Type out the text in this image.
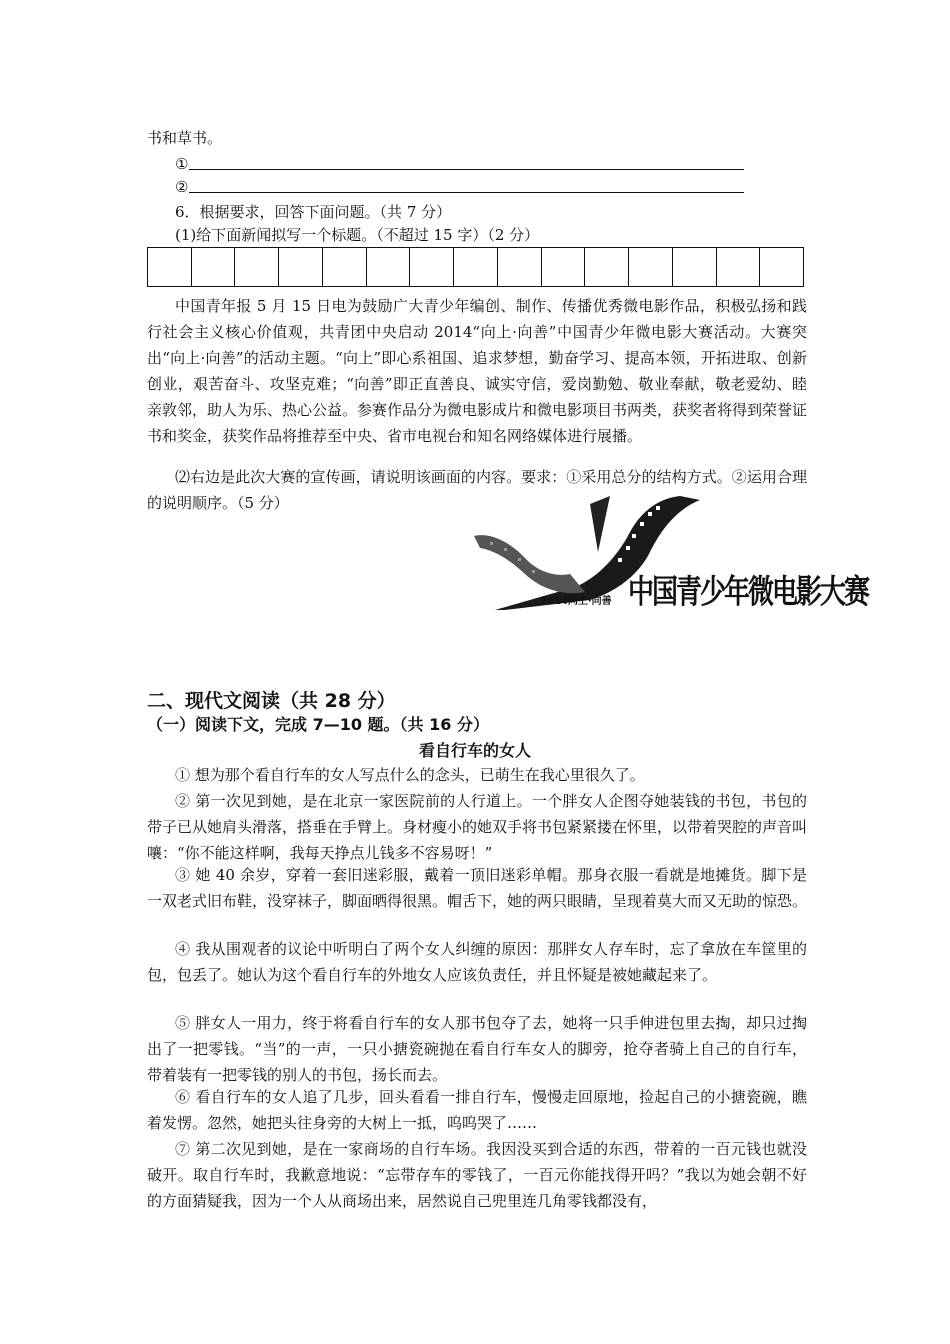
书和草书。
①
②
6．根据要求，回答下面问题。（共 7 分）
(1)给下面新闻拟写一个标题。（不超过 15 字）（2 分）

中国青年报 5 月 15 日电为鼓励广大青少年编创、制作、传播优秀微电影作品，积极弘扬和践行社会主义核心价值观，共青团中央启动 2014“向上·向善”中国青少年微电影大赛活动。大赛突出“向上·向善”的活动主题。“向上”即心系祖国、追求梦想，勤奋学习、提高本领，开拓进取、创新创业，艰苦奋斗、攻坚克难；“向善”即正直善良、诚实守信，爱岗勤勉、敬业奉献，敬老爱幼、睦亲敦邻，助人为乐、热心公益。参赛作品分为微电影成片和微电影项目书两类，获奖者将得到荣誉证书和奖金，获奖作品将推荐至中央、省市电视台和知名网络媒体进行展播。

⑵右边是此次大赛的宣传画，请说明该画面的内容。要求：①采用总分的结构方式。②运用合理的说明顺序。（5 分）

2014向上·向善 中国青少年微电影大赛
二、现代文阅读（共 28 分）
（一）阅读下文，完成 7—10 题。（共 16 分）
看自行车的女人

① 想为那个看自行车的女人写点什么的念头，已萌生在我心里很久了。

② 第一次见到她，是在北京一家医院前的人行道上。一个胖女人企图夺她装钱的书包，书包的带子已从她肩头滑落，搭垂在手臂上。身材瘦小的她双手将书包紧紧搂在怀里，以带着哭腔的声音叫嚷：“你不能这样啊，我每天挣点儿钱多不容易呀！”

③ 她 40 余岁，穿着一套旧迷彩服，戴着一顶旧迷彩单帽。那身衣服一看就是地摊货。脚下是一双老式旧布鞋，没穿袜子，脚面晒得很黑。帽舌下，她的两只眼睛，呈现着莫大而又无助的惊恐。

④ 我从围观者的议论中听明白了两个女人纠缠的原因：那胖女人存车时，忘了拿放在车筐里的包，包丢了。她认为这个看自行车的外地女人应该负责任，并且怀疑是被她藏起来了。

⑤ 胖女人一用力，终于将看自行车的女人那书包夺了去，她将一只手伸进包里去掏，却只过掏出了一把零钱。“当”的一声，一只小搪瓷碗抛在看自行车女人的脚旁，抢夺者骑上自己的自行车，带着装有一把零钱的别人的书包，扬长而去。

⑥ 看自行车的女人追了几步，回头看看一排自行车，慢慢走回原地，捡起自己的小搪瓷碗，瞧着发愣。忽然，她把头往身旁的大树上一抵，呜呜哭了……

⑦ 第二次见到她，是在一家商场的自行车场。我因没买到合适的东西，带着的一百元钱也就没破开。取自行车时，我歉意地说：“忘带存车的零钱了，一百元你能找得开吗？”我以为她会朝不好的方面猜疑我，因为一个人从商场出来，居然说自己兜里连几角零钱都没有，
